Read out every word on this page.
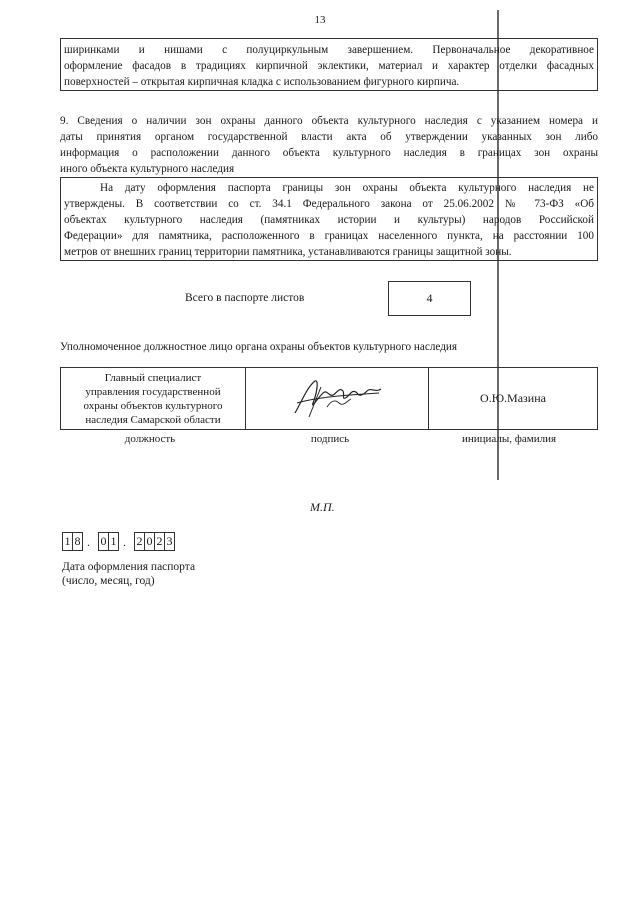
13

ширинками и нишами с полуциркульным завершением. Первоначальное декоративное

оформление фасадов в традициях кирпичной эклектики, материал и характер отделки фасадных

поверхностей – открытая кирпичная кладка с использованием фигурного кирпича.

9. Сведения о наличии зон охраны данного объекта культурного наследия с указанием номера и
даты принятия органом государственной власти акта об утверждении указанных зон либо
информация о расположении данного объекта культурного наследия в границах зон охраны
иного объекта культурного наследия

На дату оформления паспорта границы зон охраны объекта культурного наследия не

утверждены. В соответствии со ст. 34.1 Федерального закона от 25.06.2002 № 73-ФЗ «Об

объектах культурного наследия (памятниках истории и культуры) народов Российской

Федерации» для памятника, расположенного в границах населенного пункта, на расстоянии 100

метров от внешних границ территории памятника, устанавливаются границы защитной зоны.

Всего в паспорте листов	4
Уполномоченное должностное лицо органа охраны объектов культурного наследия
Главный специалист
управления государственной
охраны объектов культурного
наследия Самарской области
		О.Ю.Мазина
должность	подпись	инициалы, фамилия
М.П.
1 8 . 0 1 . 2 0 2 3
Дата оформления паспорта
(число, месяц, год)
